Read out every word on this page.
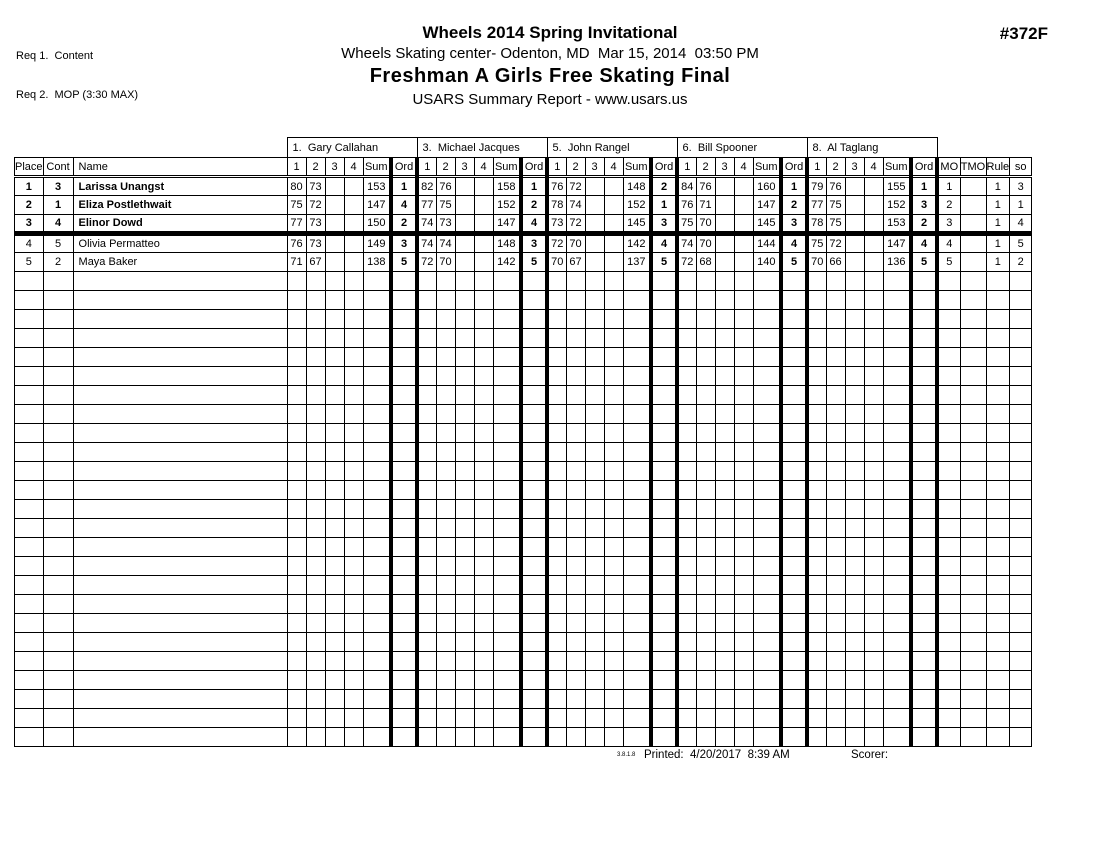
Req 1.  Content

Req 2.  MOP (3:30 MAX)

Wheels 2014 Spring Invitational
Wheels Skating center- Odenton, MD  Mar 15, 2014  03:50 PM
Freshman A Girls Free Skating Final
USARS Summary Report - www.usars.us
#372F
			1.  Gary Callahan						3.  Michael Jacques						5.  John Rangel						6.  Bill Spooner						8.  Al Taglang									
Place	Cont	Name	1	2	3	4	Sum	Ord	1	2	3	4	Sum	Ord	1	2	3	4	Sum	Ord	1	2	3	4	Sum	Ord	1	2	3	4	Sum	Ord	MO	TMO	Rule	so
1	3	Larissa Unangst	80	73			153	1	82	76			158	1	76	72			148	2	84	76			160	1	79	76			155	1	1		1	3
2	1	Eliza Postlethwait	75	72			147	4	77	75			152	2	78	74			152	1	76	71			147	2	77	75			152	3	2		1	1
3	4	Elinor Dowd	77	73			150	2	74	73			147	4	73	72			145	3	75	70			145	3	78	75			153	2	3		1	4
4	5	Olivia Permatteo	76	73			149	3	74	74			148	3	72	70			142	4	74	70			144	4	75	72			147	4	4		1	5
5	2	Maya Baker	71	67			138	5	72	70			142	5	70	67			137	5	72	68			140	5	70	66			136	5	5		1	2

3.8.1.8 Printed:  4/20/2017  8:39 AM	Scorer:
